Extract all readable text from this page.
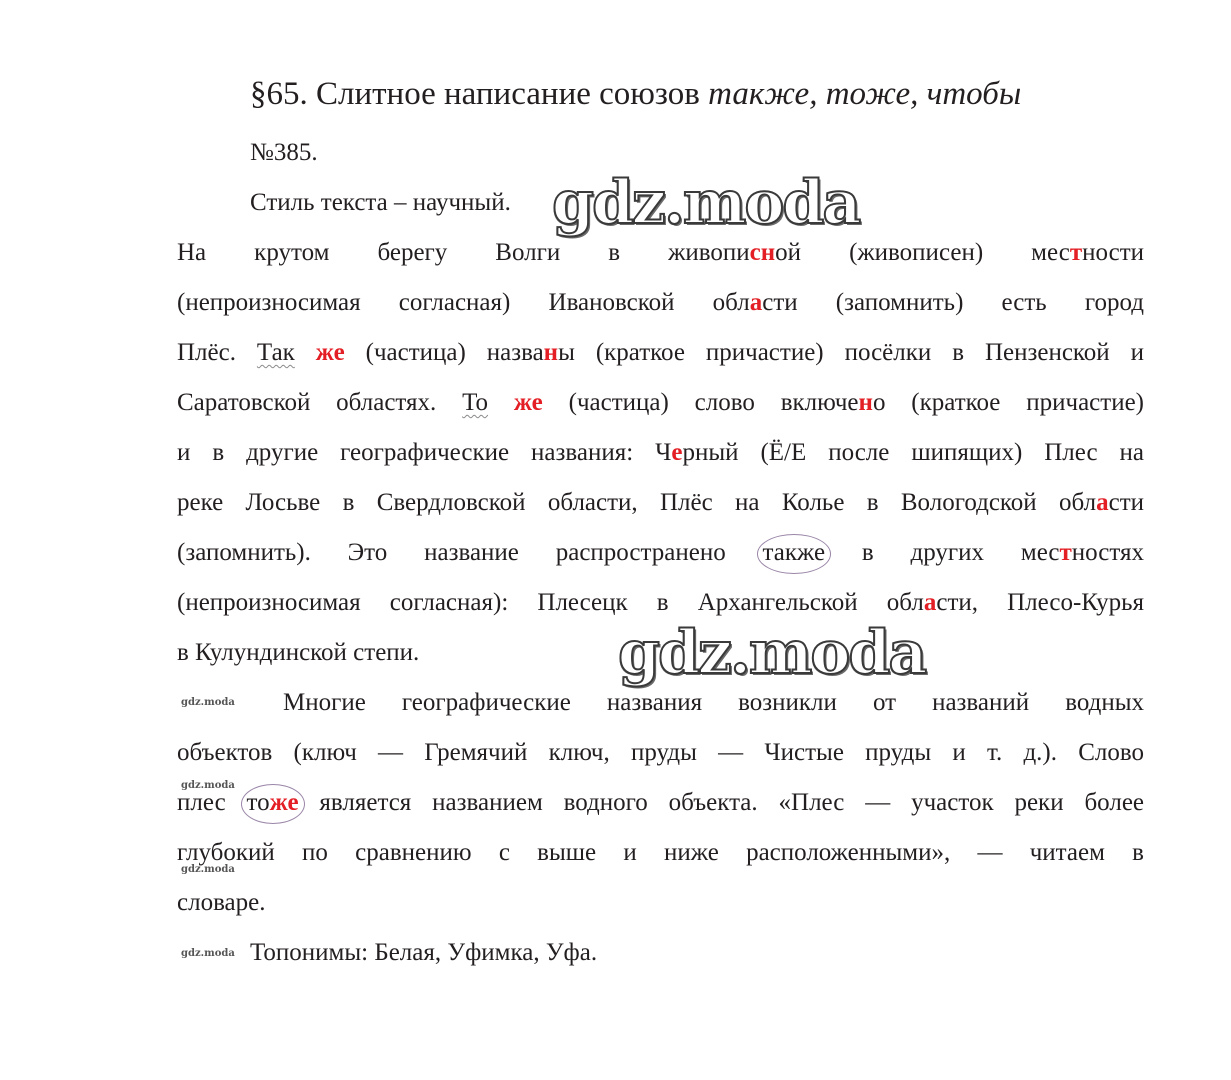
§65. Слитное написание союзов также, тоже, чтобы
№385.
Стиль текста – научный. gdz.moda
На крутом берегу Волги в живописной (живописен) местности
(непроизносимая согласная) Ивановской области (запомнить) есть город
Плёс. Так же (частица) названы (краткое причастие) посёлки в Пензенской и
Саратовской областях. То же (частица) слово включено (краткое причастие)
и в другие географические названия: Черный (Ё/Е после шипящих) Плес на
реке Лосьве в Свердловской области, Плёс на Колье в Вологодской области
(запомнить). Это название распространено также
в других местностях
(непроизносимая согласная): Плесецк в Архангельской области, Плесо-Курья
в Кулундинской степи.	gdz.moda
gdz.moda Многие географические названия возникли от названий водных
объектов (ключ — Гремячий ключ, пруды — Чистые пруды и т. д.). Слово
gdz.moda
плес тоже
является названием водного объекта. «Плес — участок реки более
глубокий по сравнению с выше и ниже расположенными», — читаем в
gdz.moda
словаре.
gdz.moda Топонимы: Белая, Уфимка, Уфа.
